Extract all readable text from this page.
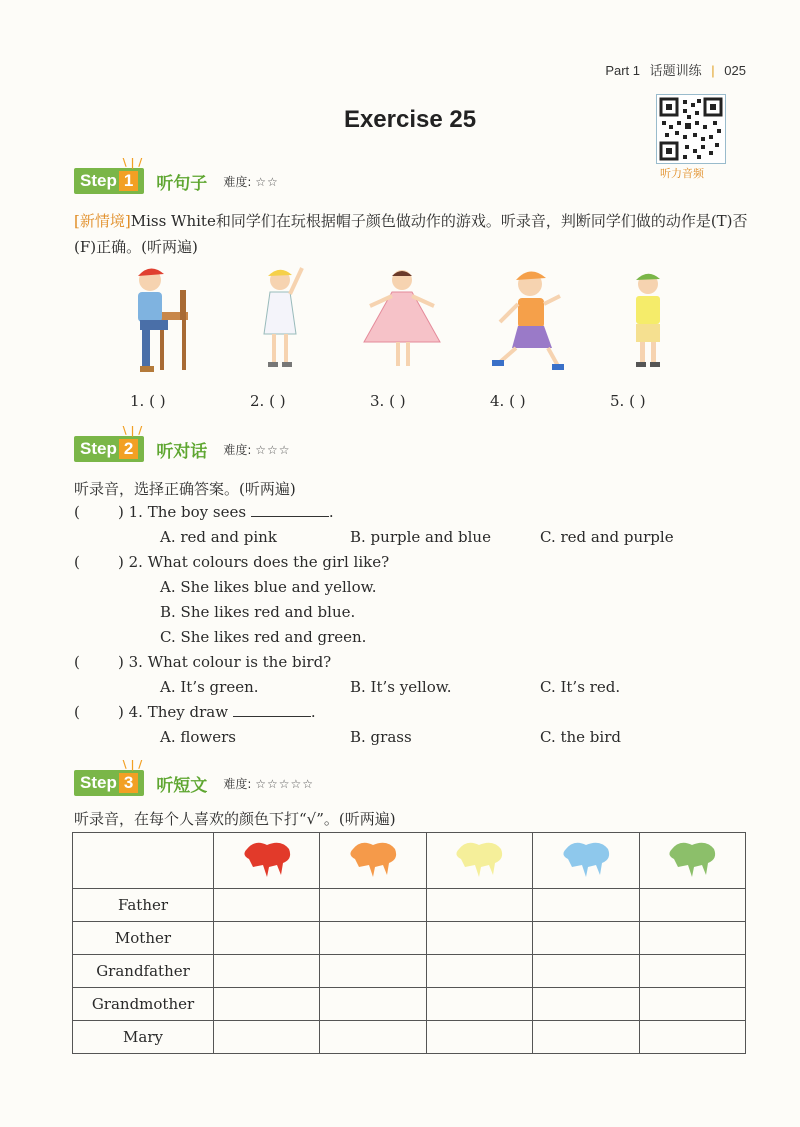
Part 1 话题训练 | 025
Exercise 25
听力音频
Step 1
\ | /
听句子 难度: ☆☆
[新情境]Miss White和同学们在玩根据帽子颜色做动作的游戏。听录音，判断同学们做的动作是(T)否(F)正确。(听两遍)
1. ( )	2. ( )	3. ( )	4. ( )	5. ( )
Step 2
\ | /
听对话 难度: ☆☆☆
听录音，选择正确答案。(听两遍)
(        ) 1. The boy sees	.
A. red and pink	B. purple and blue	C. red and purple
(        ) 2. What colours does the girl like?
A. She likes blue and yellow.
B. She likes red and blue.
C. She likes red and green.
(        ) 3. What colour is the bird?
A. It’s green.	B. It’s yellow.	C. It’s red.
(        ) 4. They draw	.
A. flowers	B. grass	C. the bird
Step 3
\ | /
听短文 难度: ☆☆☆☆☆
听录音，在每个人喜欢的颜色下打“√”。(听两遍)

Father					
Mother					
Grandfather					
Grandmother					
Mary					
